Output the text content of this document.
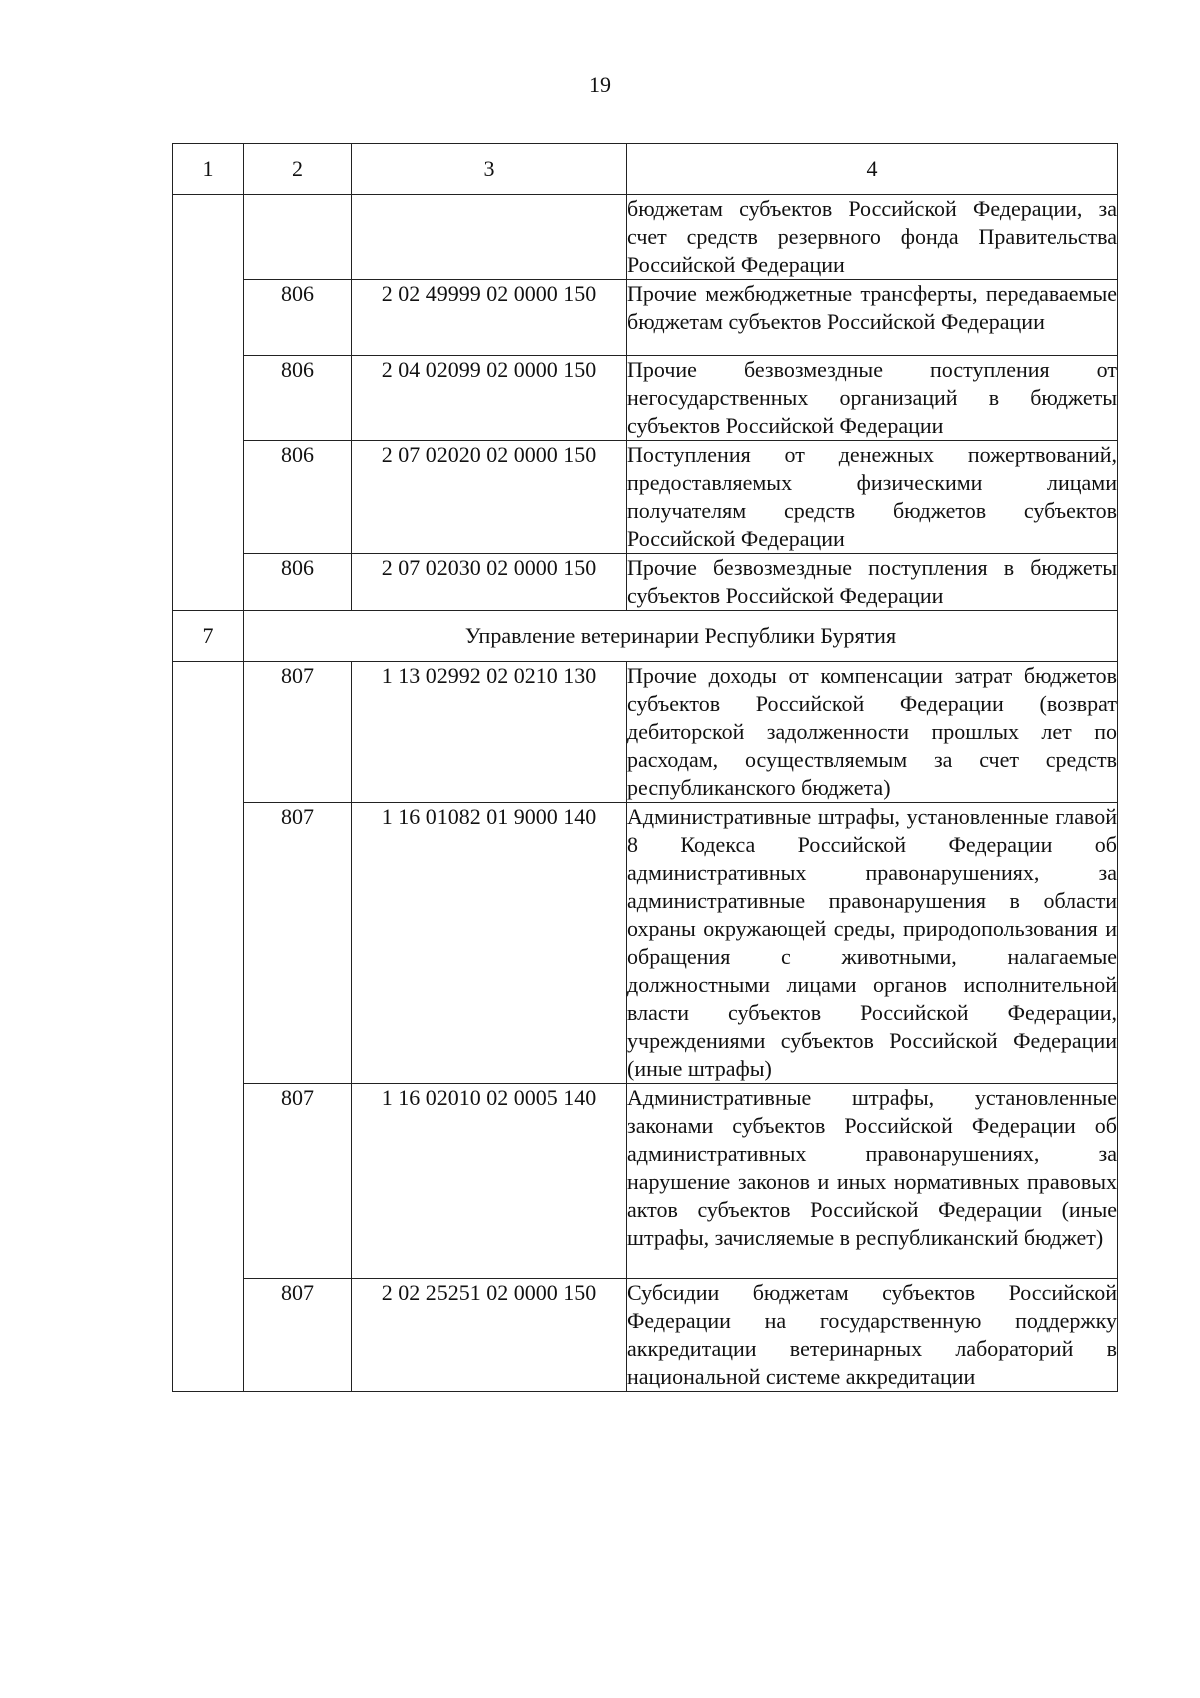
19
1	2	3	4
			бюджетам субъектов Российской Федерации, за счет средств резервного фонда Правительства Российской Федерации
	806	2 02 49999 02 0000 150	Прочие межбюджетные трансферты, передаваемые бюджетам субъектов Российской Федерации
	806	2 04 02099 02 0000 150	Прочие безвозмездные поступления от негосударственных организаций в бюджеты субъектов Российской Федерации
	806	2 07 02020 02 0000 150	Поступления от денежных пожертвований, предоставляемых физическими лицами получателям средств бюджетов субъектов Российской Федерации
	806	2 07 02030 02 0000 150	Прочие безвозмездные поступления в бюджеты субъектов Российской Федерации
7	Управление ветеринарии Республики Бурятия		
	807	1 13 02992 02 0210 130	Прочие доходы от компенсации затрат бюджетов субъектов Российской Федерации (возврат дебиторской задолженности прошлых лет по расходам, осуществляемым за счет средств республиканского бюджета)
	807	1 16 01082 01 9000 140	Административные штрафы, установленные главой 8 Кодекса Российской Федерации об административных правонарушениях, за административные правонарушения в области охраны окружающей среды, природопользования и обращения с животными, налагаемые должностными лицами органов исполнительной власти субъектов Российской Федерации, учреждениями субъектов Российской Федерации (иные штрафы)
	807	1 16 02010 02 0005 140	Административные штрафы, установленные законами субъектов Российской Федерации об административных правонарушениях, за нарушение законов и иных нормативных правовых актов субъектов Российской Федерации (иные штрафы, зачисляемые в республиканский бюджет)
	807	2 02 25251 02 0000 150	Субсидии бюджетам субъектов Российской Федерации на государственную поддержку аккредитации ветеринарных лабораторий в национальной системе аккредитации
